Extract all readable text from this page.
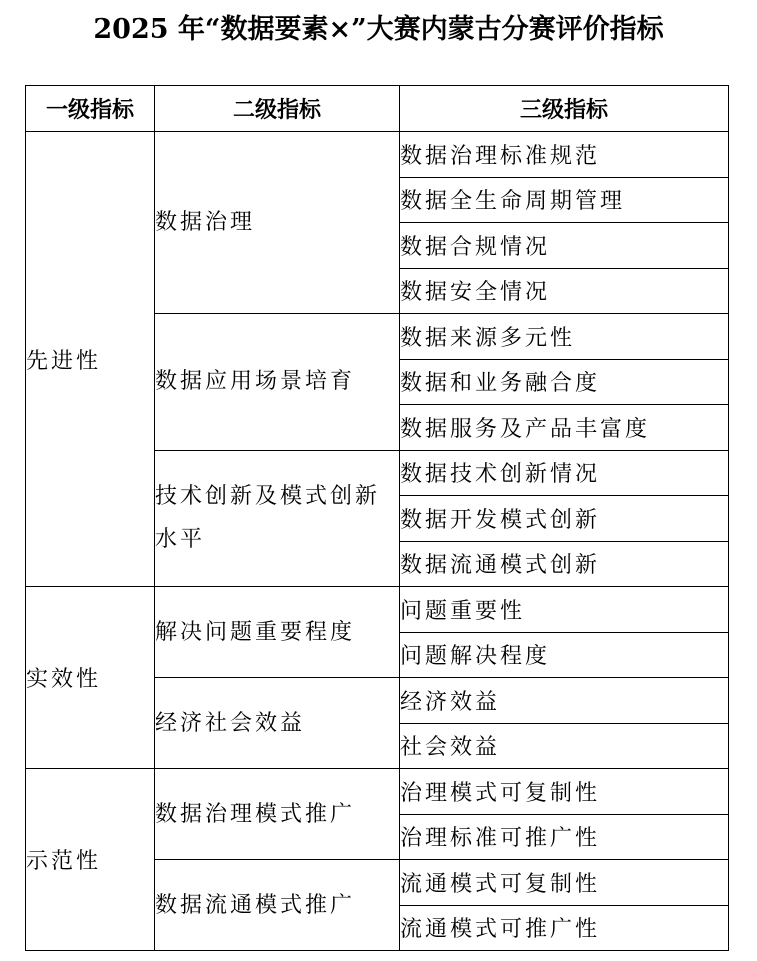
2025 年“数据要素×”大赛内蒙古分赛评价指标
一级指标	二级指标	三级指标
先进性	数据治理	数据治理标准规范
		数据全生命周期管理
		数据合规情况
		数据安全情况
	数据应用场景培育	数据来源多元性
		数据和业务融合度
		数据服务及产品丰富度
	技术创新及模式创新水平	数据技术创新情况
		数据开发模式创新
		数据流通模式创新
实效性	解决问题重要程度	问题重要性
		问题解决程度
	经济社会效益	经济效益
		社会效益
示范性	数据治理模式推广	治理模式可复制性
		治理标准可推广性
	数据流通模式推广	流通模式可复制性
		流通模式可推广性
